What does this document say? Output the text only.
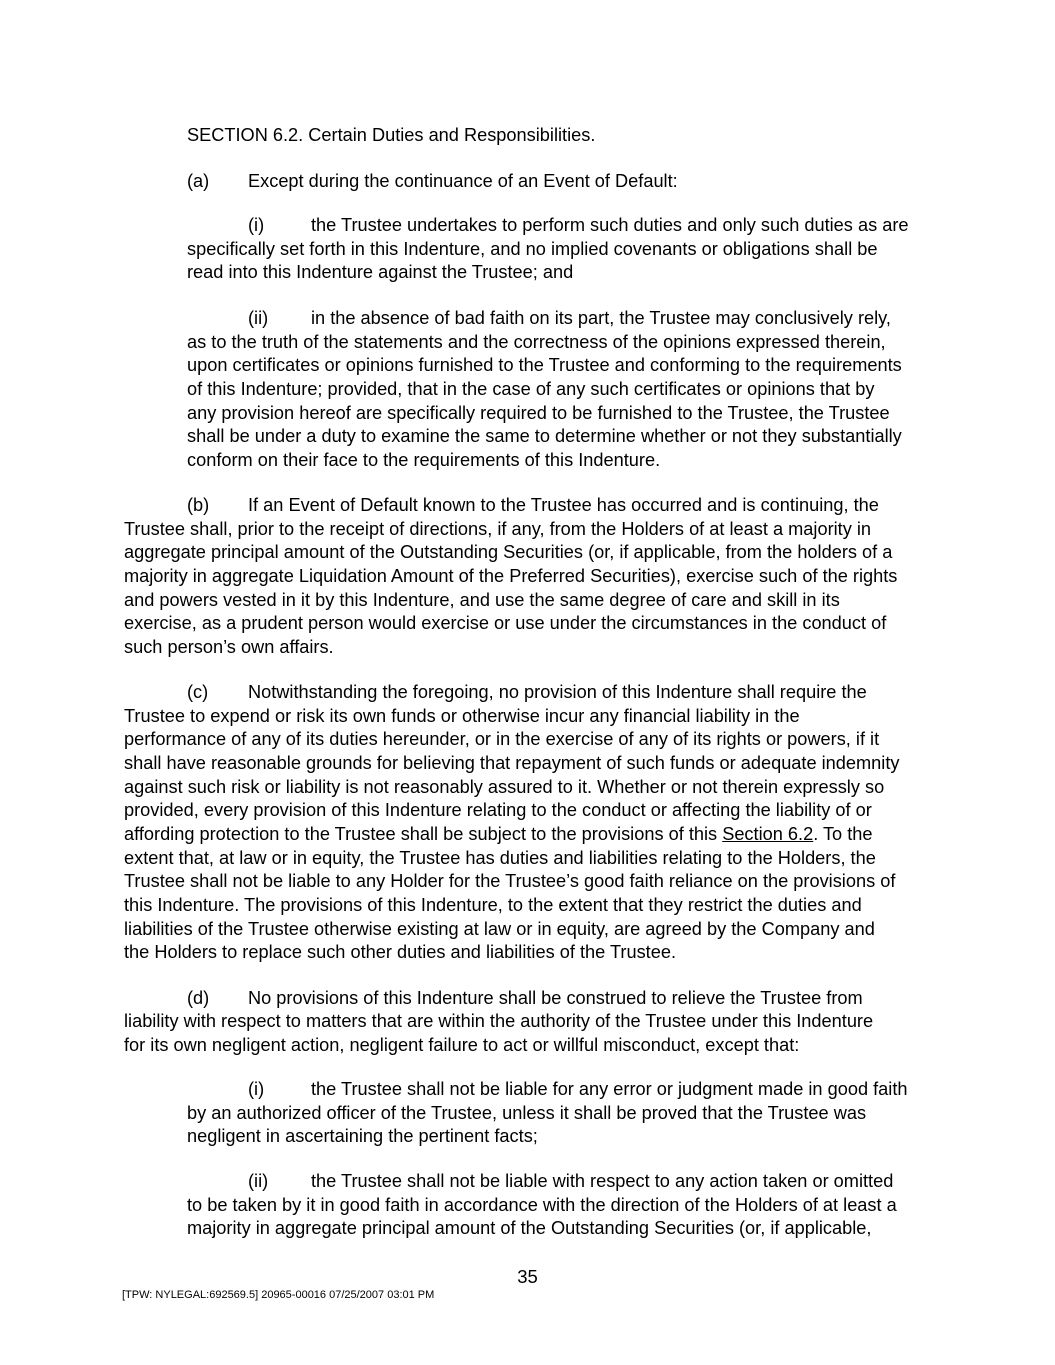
SECTION 6.2. Certain Duties and Responsibilities.
(a) Except during the continuance of an Event of Default:
(i)	the Trustee undertakes to perform such duties and only such duties as are
specifically set forth in this Indenture, and no implied covenants or obligations shall be
read into this Indenture against the Trustee; and
(ii) in the absence of bad faith on its part, the Trustee may conclusively rely,
as to the truth of the statements and the correctness of the opinions expressed therein,
upon certificates or opinions furnished to the Trustee and conforming to the requirements
of this Indenture; provided, that in the case of any such certificates or opinions that by
any provision hereof are specifically required to be furnished to the Trustee, the Trustee
shall be under a duty to examine the same to determine whether or not they substantially
conform on their face to the requirements of this Indenture.
(b) If an Event of Default known to the Trustee has occurred and is continuing, the
Trustee shall, prior to the receipt of directions, if any, from the Holders of at least a majority in
aggregate principal amount of the Outstanding Securities (or, if applicable, from the holders of a
majority in aggregate Liquidation Amount of the Preferred Securities), exercise such of the rights
and powers vested in it by this Indenture, and use the same degree of care and skill in its
exercise, as a prudent person would exercise or use under the circumstances in the conduct of
such person’s own affairs.
(c) Notwithstanding the foregoing, no provision of this Indenture shall require the
Trustee to expend or risk its own funds or otherwise incur any financial liability in the
performance of any of its duties hereunder, or in the exercise of any of its rights or powers, if it
shall have reasonable grounds for believing that repayment of such funds or adequate indemnity
against such risk or liability is not reasonably assured to it. Whether or not therein expressly so
provided, every provision of this Indenture relating to the conduct or affecting the liability of or
affording protection to the Trustee shall be subject to the provisions of this Section 6.2. To the
extent that, at law or in equity, the Trustee has duties and liabilities relating to the Holders, the
Trustee shall not be liable to any Holder for the Trustee’s good faith reliance on the provisions of
this Indenture. The provisions of this Indenture, to the extent that they restrict the duties and
liabilities of the Trustee otherwise existing at law or in equity, are agreed by the Company and
the Holders to replace such other duties and liabilities of the Trustee.
(d) No provisions of this Indenture shall be construed to relieve the Trustee from
liability with respect to matters that are within the authority of the Trustee under this Indenture
for its own negligent action, negligent failure to act or willful misconduct, except that:
(i)	the Trustee shall not be liable for any error or judgment made in good faith
by an authorized officer of the Trustee, unless it shall be proved that the Trustee was
negligent in ascertaining the pertinent facts;
(ii) the Trustee shall not be liable with respect to any action taken or omitted
to be taken by it in good faith in accordance with the direction of the Holders of at least a
majority in aggregate principal amount of the Outstanding Securities (or, if applicable,
35
[TPW: NYLEGAL:692569.5] 20965-00016 07/25/2007 03:01 PM
